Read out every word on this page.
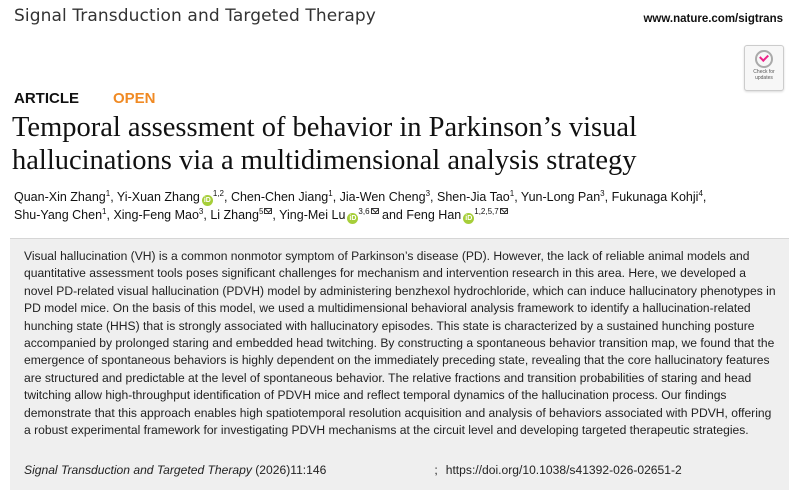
Signal Transduction and Targeted Therapy	www.nature.com/sigtrans
Check for updates
ARTICLE OPEN
Temporal assessment of behavior in Parkinson’s visual hallucinations via a multidimensional analysis strategy
Quan-Xin Zhang$^1$, Yi-Xuan Zhang iD$^{1,2}$, Chen-Chen Jiang$^1$, Jia-Wen Cheng$^3$, Shen-Jia Tao$^1$, Yun-Long Pan$^3$, Fukunaga Kohji$^4$, Shu-Yang Chen$^1$, Xing-Feng Mao$^3$, Li Zhang$^5$ , Ying-Mei Lu iD$^{3,6}$ and Feng Han iD$^{1,2,5,7}$

Visual hallucination (VH) is a common nonmotor symptom of Parkinson’s disease (PD). However, the lack of reliable animal models and quantitative assessment tools poses significant challenges for mechanism and intervention research in this area. Here, we developed a novel PD-related visual hallucination (PDVH) model by administering benzhexol hydrochloride, which can induce hallucinatory phenotypes in PD model mice. On the basis of this model, we used a multidimensional behavioral analysis framework to identify a hallucination-related hunching state (HHS) that is strongly associated with hallucinatory episodes. This state is characterized by a sustained hunching posture accompanied by prolonged staring and embedded head twitching. By constructing a spontaneous behavior transition map, we found that the emergence of spontaneous behaviors is highly dependent on the immediately preceding state, revealing that the core hallucinatory features are structured and predictable at the level of spontaneous behavior. The relative fractions and transition probabilities of staring and head twitching allow high-throughput identification of PDVH mice and reflect temporal dynamics of the hallucination process. Our findings demonstrate that this approach enables high spatiotemporal resolution acquisition and analysis of behaviors associated with PDVH, offering a robust experimental framework for investigating PDVH mechanisms at the circuit level and developing targeted therapeutic strategies.

Signal Transduction and Targeted Therapy (2026)11:146	; https://doi.org/10.1038/s41392-026-02651-2
